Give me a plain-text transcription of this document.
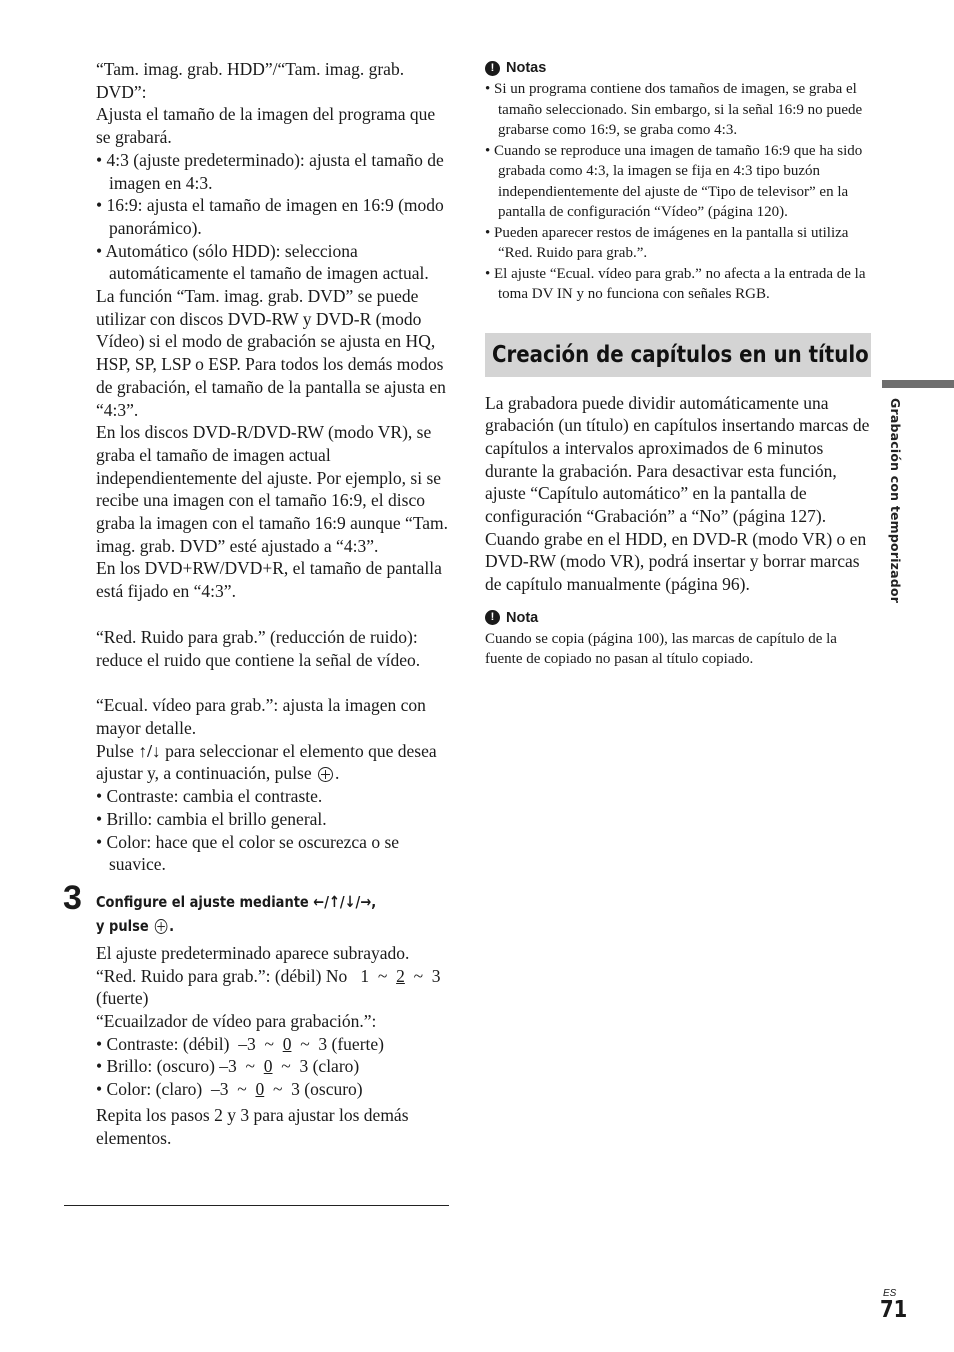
“Tam. imag. grab. HDD”/“Tam. imag. grab. DVD”:

Ajusta el tamaño de la imagen del programa que se grabará.

• 4:3 (ajuste predeterminado): ajusta el tamaño de imagen en 4:3.

• 16:9: ajusta el tamaño de imagen en 16:9 (modo panorámico).

• Automático (sólo HDD): selecciona automáticamente el tamaño de imagen actual.

La función “Tam. imag. grab. DVD” se puede utilizar con discos DVD-RW y DVD-R (modo Vídeo) si el modo de grabación se ajusta en HQ, HSP, SP, LSP o ESP. Para todos los demás modos de grabación, el tamaño de la pantalla se ajusta en “4:3”.

En los discos DVD-R/DVD-RW (modo VR), se graba el tamaño de imagen actual independientemente del ajuste. Por ejemplo, si se recibe una imagen con el tamaño 16:9, el disco graba la imagen con el tamaño 16:9 aunque “Tam. imag. grab. DVD” esté ajustado a “4:3”.

En los DVD+RW/DVD+R, el tamaño de pantalla está fijado en “4:3”.

“Red. Ruido para grab.” (reducción de ruido): reduce el ruido que contiene la señal de vídeo.

“Ecual. vídeo para grab.”: ajusta la imagen con mayor detalle.

Pulse ↑/↓ para seleccionar el elemento que desea ajustar y, a continuación, pulse .

• Contraste: cambia el contraste.

• Brillo: cambia el brillo general.

• Color: hace que el color se oscurezca o se suavice.

3 Configure el ajuste mediante ←/↑/↓/→,
y pulse .

El ajuste predeterminado aparece subrayado.

“Red. Ruido para grab.”: (débil) No   1  ~  2  ~  3 (fuerte)

“Ecuailzador de vídeo para grabación.”:

• Contraste: (débil)  –3  ~  0  ~  3 (fuerte)

• Brillo: (oscuro) –3  ~  0  ~  3 (claro)

• Color: (claro)  –3  ~  0  ~  3 (oscuro)

Repita los pasos 2 y 3 para ajustar los demás elementos.

! Notas

• Si un programa contiene dos tamaños de imagen, se graba el tamaño seleccionado. Sin embargo, si la señal 16:9 no puede grabarse como 16:9, se graba como 4:3.

• Cuando se reproduce una imagen de tamaño 16:9 que ha sido grabada como 4:3, la imagen se fija en 4:3 tipo buzón independientemente del ajuste de “Tipo de televisor” en la pantalla de configuración “Vídeo” (página 120).

• Pueden aparecer restos de imágenes en la pantalla si utiliza “Red. Ruido para grab.”.

• El ajuste “Ecual. vídeo para grab.” no afecta a la entrada de la toma DV IN y no funciona con señales RGB.

Creación de capítulos en un título

La grabadora puede dividir automáticamente una grabación (un título) en capítulos insertando marcas de capítulos a intervalos aproximados de 6 minutos durante la grabación. Para desactivar esta función, ajuste “Capítulo automático” en la pantalla de configuración “Grabación” a “No” (página 127).

Cuando grabe en el HDD, en DVD-R (modo VR) o en DVD-RW (modo VR), podrá insertar y borrar marcas de capítulo manualmente (página 96).

! Nota

Cuando se copia (página 100), las marcas de capítulo de la fuente de copiado no pasan al título copiado.

Grabación con temporizador
ES
71
